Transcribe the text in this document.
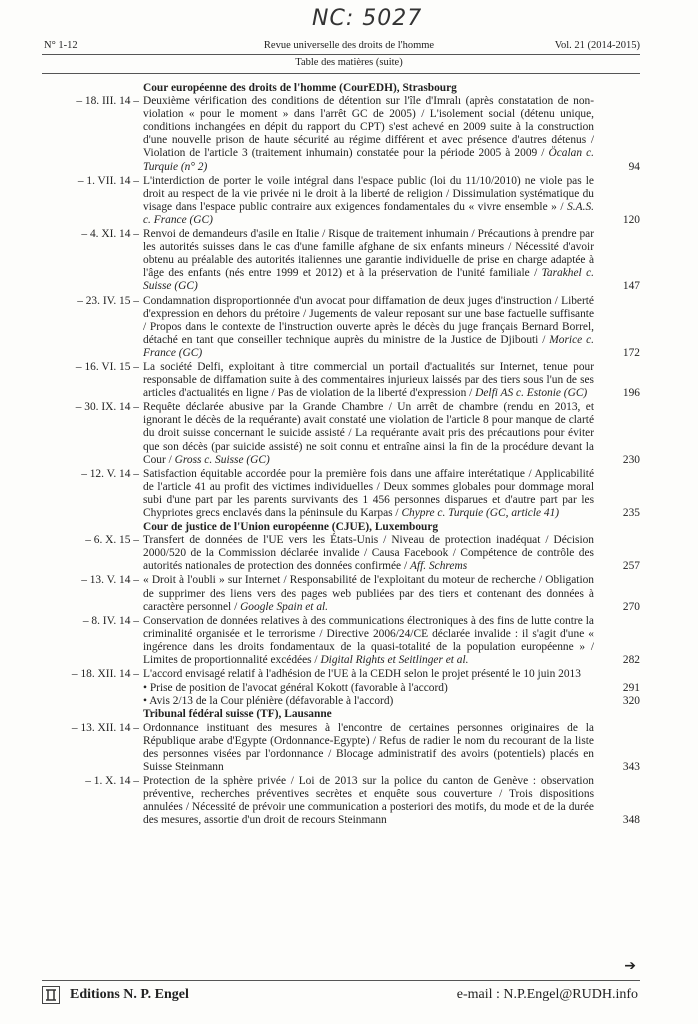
NC: 5027
N° 1-12	Revue universelle des droits de l'homme	Vol. 21 (2014-2015)
Table des matières (suite)
Cour européenne des droits de l'homme (CourEDH), Strasbourg
– 18. III. 14 – Deuxième vérification des conditions de détention sur l'île d'Imralı (après constatation de non-violation « pour le moment » dans l'arrêt GC de 2005) / L'isolement social (détenu unique, conditions inchangées en dépit du rapport du CPT) s'est achevé en 2009 suite à la construction d'une nouvelle prison de haute sécurité au régime différent et avec présence d'autres détenus / Violation de l'article 3 (traitement inhumain) constatée pour la période 2005 à 2009 / Öcalan c. Turquie (n° 2)	94
– 1. VII. 14 – L'interdiction de porter le voile intégral dans l'espace public (loi du 11/10/2010) ne viole pas le droit au respect de la vie privée ni le droit à la liberté de religion / Dissimulation systématique du visage dans l'espace public contraire aux exigences fondamentales du « vivre ensemble » / S.A.S. c. France (GC)	120
– 4. XI. 14 – Renvoi de demandeurs d'asile en Italie / Risque de traitement inhumain / Précautions à prendre par les autorités suisses dans le cas d'une famille afghane de six enfants mineurs / Nécessité d'avoir obtenu au préalable des autorités italiennes une garantie individuelle de prise en charge adaptée à l'âge des enfants (nés entre 1999 et 2012) et à la préservation de l'unité familiale / Tarakhel c. Suisse (GC)	147
– 23. IV. 15 – Condamnation disproportionnée d'un avocat pour diffamation de deux juges d'instruction / Liberté d'expression en dehors du prétoire / Jugements de valeur reposant sur une base factuelle suffisante / Propos dans le contexte de l'instruction ouverte après le décès du juge français Bernard Borrel, détaché en tant que conseiller technique auprès du ministre de la Justice de Djibouti / Morice c. France (GC)	172
– 16. VI. 15 – La société Delfi, exploitant à titre commercial un portail d'actualités sur Internet, tenue pour responsable de diffamation suite à des commentaires injurieux laissés par des tiers sous l'un de ses articles d'actualités en ligne / Pas de violation de la liberté d'expression / Delfi AS c. Estonie (GC)	196
– 30. IX. 14 – Requête déclarée abusive par la Grande Chambre / Un arrêt de chambre (rendu en 2013, et ignorant le décès de la requérante) avait constaté une violation de l'article 8 pour manque de clarté du droit suisse concernant le suicide assisté / La requérante avait pris des précautions pour éviter que son décès (par suicide assisté) ne soit connu et entraîne ainsi la fin de la procédure devant la Cour / Gross c. Suisse (GC)	230
– 12. V. 14 – Satisfaction équitable accordée pour la première fois dans une affaire interétatique / Applicabilité de l'article 41 au profit des victimes individuelles / Deux sommes globales pour dommage moral subi d'une part par les parents survivants des 1 456 personnes disparues et d'autre part par les Chypriotes grecs enclavés dans la péninsule du Karpas / Chypre c. Turquie (GC, article 41)	235
Cour de justice de l'Union européenne (CJUE), Luxembourg
– 6. X. 15 – Transfert de données de l'UE vers les États-Unis / Niveau de protection inadéquat / Décision 2000/520 de la Commission déclarée invalide / Causa Facebook / Compétence de contrôle des autorités nationales de protection des données confirmée / Aff. Schrems	257
– 13. V. 14 – « Droit à l'oubli » sur Internet / Responsabilité de l'exploitant du moteur de recherche / Obligation de supprimer des liens vers des pages web publiées par des tiers et contenant des données à caractère personnel / Google Spain et al.	270
– 8. IV. 14 – Conservation de données relatives à des communications électroniques à des fins de lutte contre la criminalité organisée et le terrorisme / Directive 2006/24/CE déclarée invalide : il s'agit d'une « ingérence dans les droits fondamentaux de la quasi-totalité de la population européenne » / Limites de proportionnalité excédées / Digital Rights et Seitlinger et al.	282
– 18. XII. 14 – L'accord envisagé relatif à l'adhésion de l'UE à la CEDH selon le projet présenté le 10 juin 2013
• Prise de position de l'avocat général Kokott (favorable à l'accord)	291
• Avis 2/13 de la Cour plénière (défavorable à l'accord)	320
Tribunal fédéral suisse (TF), Lausanne
– 13. XII. 14 – Ordonnance instituant des mesures à l'encontre de certaines personnes originaires de la République arabe d'Egypte (Ordonnance-Egypte) / Refus de radier le nom du recourant de la liste des personnes visées par l'ordonnance / Blocage administratif des avoirs (potentiels) placés en Suisse Steinmann	343
– 1. X. 14 – Protection de la sphère privée / Loi de 2013 sur la police du canton de Genève : observation préventive, recherches préventives secrètes et enquête sous couverture / Trois dispositions annulées / Nécessité de prévoir une communication a posteriori des motifs, du mode et de la durée des mesures, assortie d'un droit de recours Steinmann	348
➔
Editions N. P. Engel	e-mail : N.P.Engel@RUDH.info
